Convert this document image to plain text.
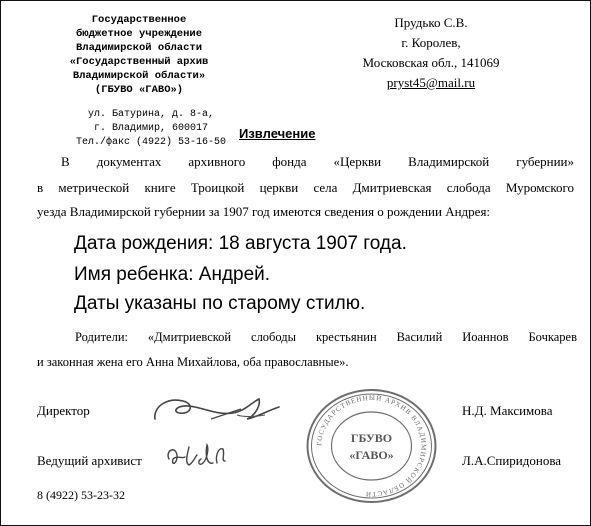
Государственное
бюджетное учреждение
Владимирской области
«Государственный архив
Владимирской области»
(ГБУВО «ГАВО»)
ул. Батурина, д. 8-а,
г. Владимир, 600017
Тел./факс (4922) 53-16-50
Прудько С.В.
г. Королев,
Московская обл., 141069
pryst45@mail.ru
Извлечение
В документах архивного фонда «Церкви Владимирской губернии»
в метрической книге Троицкой церкви села Дмитриевская слобода Муромского
уезда Владимирской губернии за 1907 год имеются сведения о рождении Андрея:
Дата рождения: 18 августа 1907 года.
Имя ребенка: Андрей.
Даты указаны по старому стилю.
Родители: «Дмитриевской слободы крестьянин Василий Иоаннов Бочкарев
и законная жена его Анна Михайлова, оба православные».
Директор	Н.Д. Максимова
Ведущий архивист	Л.А.Спиридонова
8 (4922) 53-23-32
ГОСУДАРСТВЕННЫЙ АРХИВ ВЛАДИМИРСКОЙ ОБЛАСТИ
ГБУВО
«ГАВО»
